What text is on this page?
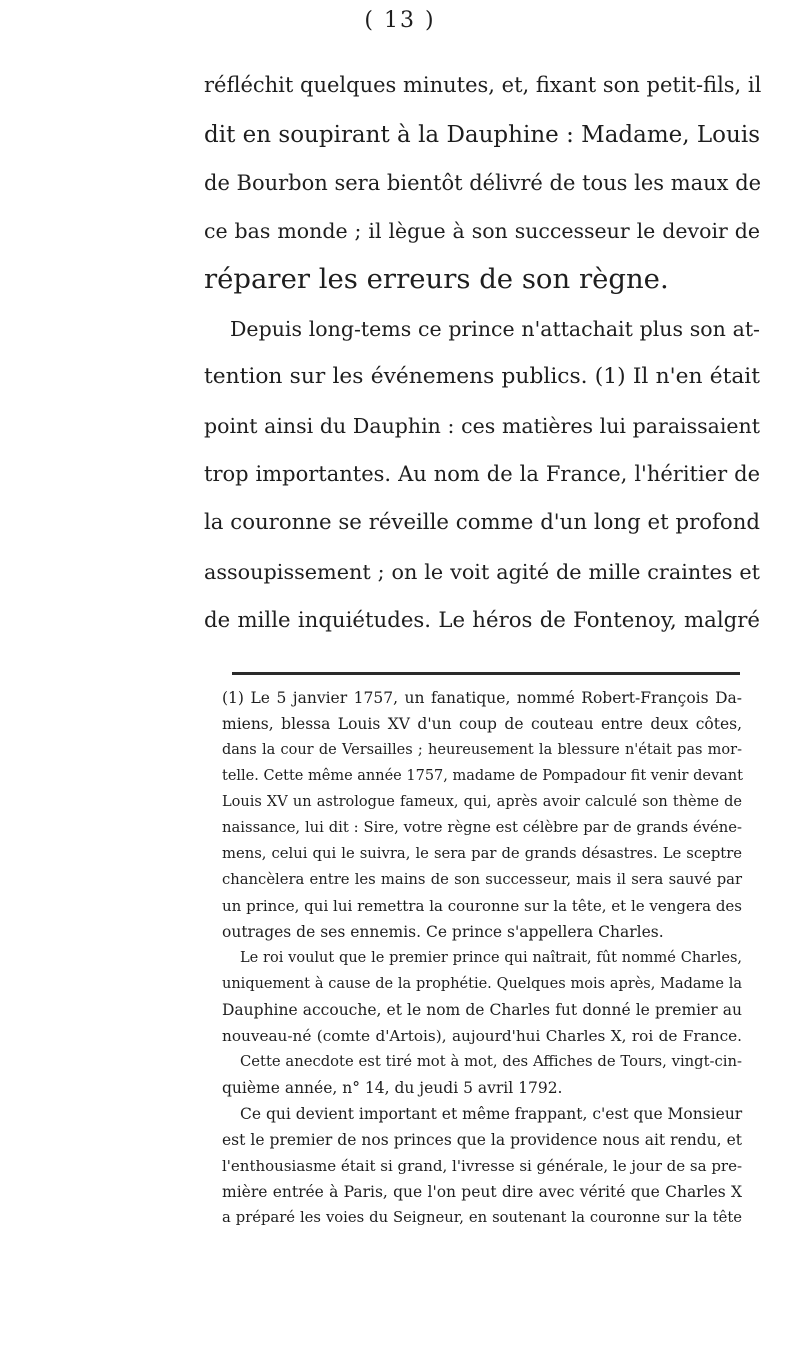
( 13 )
réfléchit quelques minutes, et, fixant son petit-fils, il
dit en soupirant à la Dauphine : Madame, Louis
de Bourbon sera bientôt délivré de tous les maux de
ce bas monde ; il lègue à son successeur le devoir de
réparer les erreurs de son règne.
Depuis long-tems ce prince n'attachait plus son at-
tention sur les événemens publics. (1) Il n'en était
point ainsi du Dauphin : ces matières lui paraissaient
trop importantes. Au nom de la France, l'héritier de
la couronne se réveille comme d'un long et profond
assoupissement ; on le voit agité de mille craintes et
de mille inquiétudes. Le héros de Fontenoy, malgré
(1) Le 5 janvier 1757, un fanatique, nommé Robert-François Da-
miens, blessa Louis XV d'un coup de couteau entre deux côtes,
dans la cour de Versailles ; heureusement la blessure n'était pas mor-
telle. Cette même année 1757, madame de Pompadour fit venir devant
Louis XV un astrologue fameux, qui, après avoir calculé son thème de
naissance, lui dit : Sire, votre règne est célèbre par de grands événe-
mens, celui qui le suivra, le sera par de grands désastres. Le sceptre
chancèlera entre les mains de son successeur, mais il sera sauvé par
un prince, qui lui remettra la couronne sur la tête, et le vengera des
outrages de ses ennemis. Ce prince s'appellera Charles.
Le roi voulut que le premier prince qui naîtrait, fût nommé Charles,
uniquement à cause de la prophétie. Quelques mois après, Madame la
Dauphine accouche, et le nom de Charles fut donné le premier au
nouveau-né (comte d'Artois), aujourd'hui Charles X, roi de France.
Cette anecdote est tiré mot à mot, des Affiches de Tours, vingt-cin-
quième année, n° 14, du jeudi 5 avril 1792.
Ce qui devient important et même frappant, c'est que Monsieur
est le premier de nos princes que la providence nous ait rendu, et
l'enthousiasme était si grand, l'ivresse si générale, le jour de sa pre-
mière entrée à Paris, que l'on peut dire avec vérité que Charles X
a préparé les voies du Seigneur, en soutenant la couronne sur la tête
